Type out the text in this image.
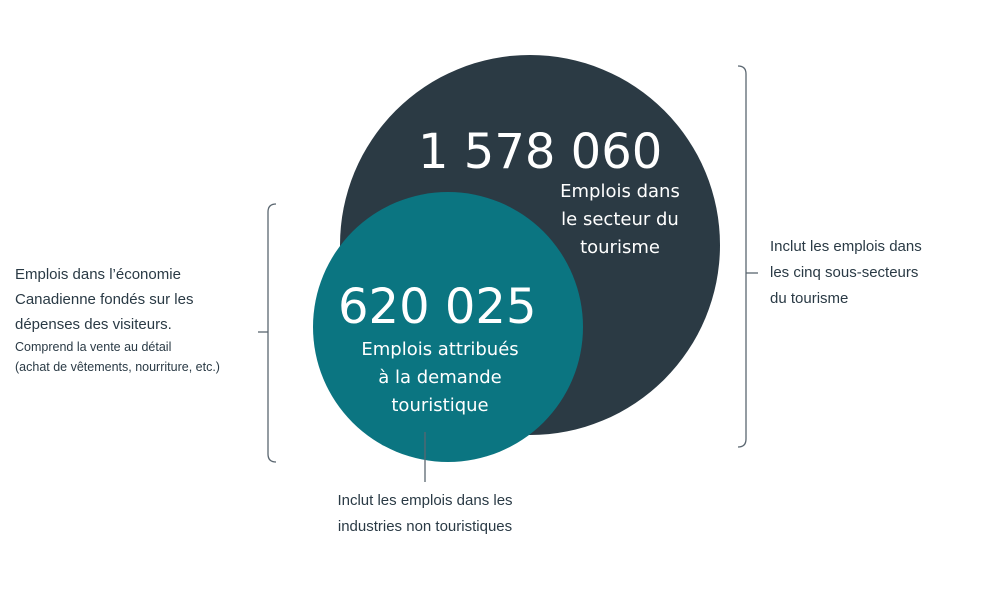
1 578 060
Emplois dans
le secteur du
tourisme
620 025
Emplois attribués
à la demande
touristique
Emplois dans l’économie
Canadienne fondés sur les
dépenses des visiteurs.
Comprend la vente au détail
(achat de vêtements, nourriture, etc.)
Inclut les emplois dans
les cinq sous-secteurs
du tourisme
Inclut les emplois dans les
industries non touristiques
